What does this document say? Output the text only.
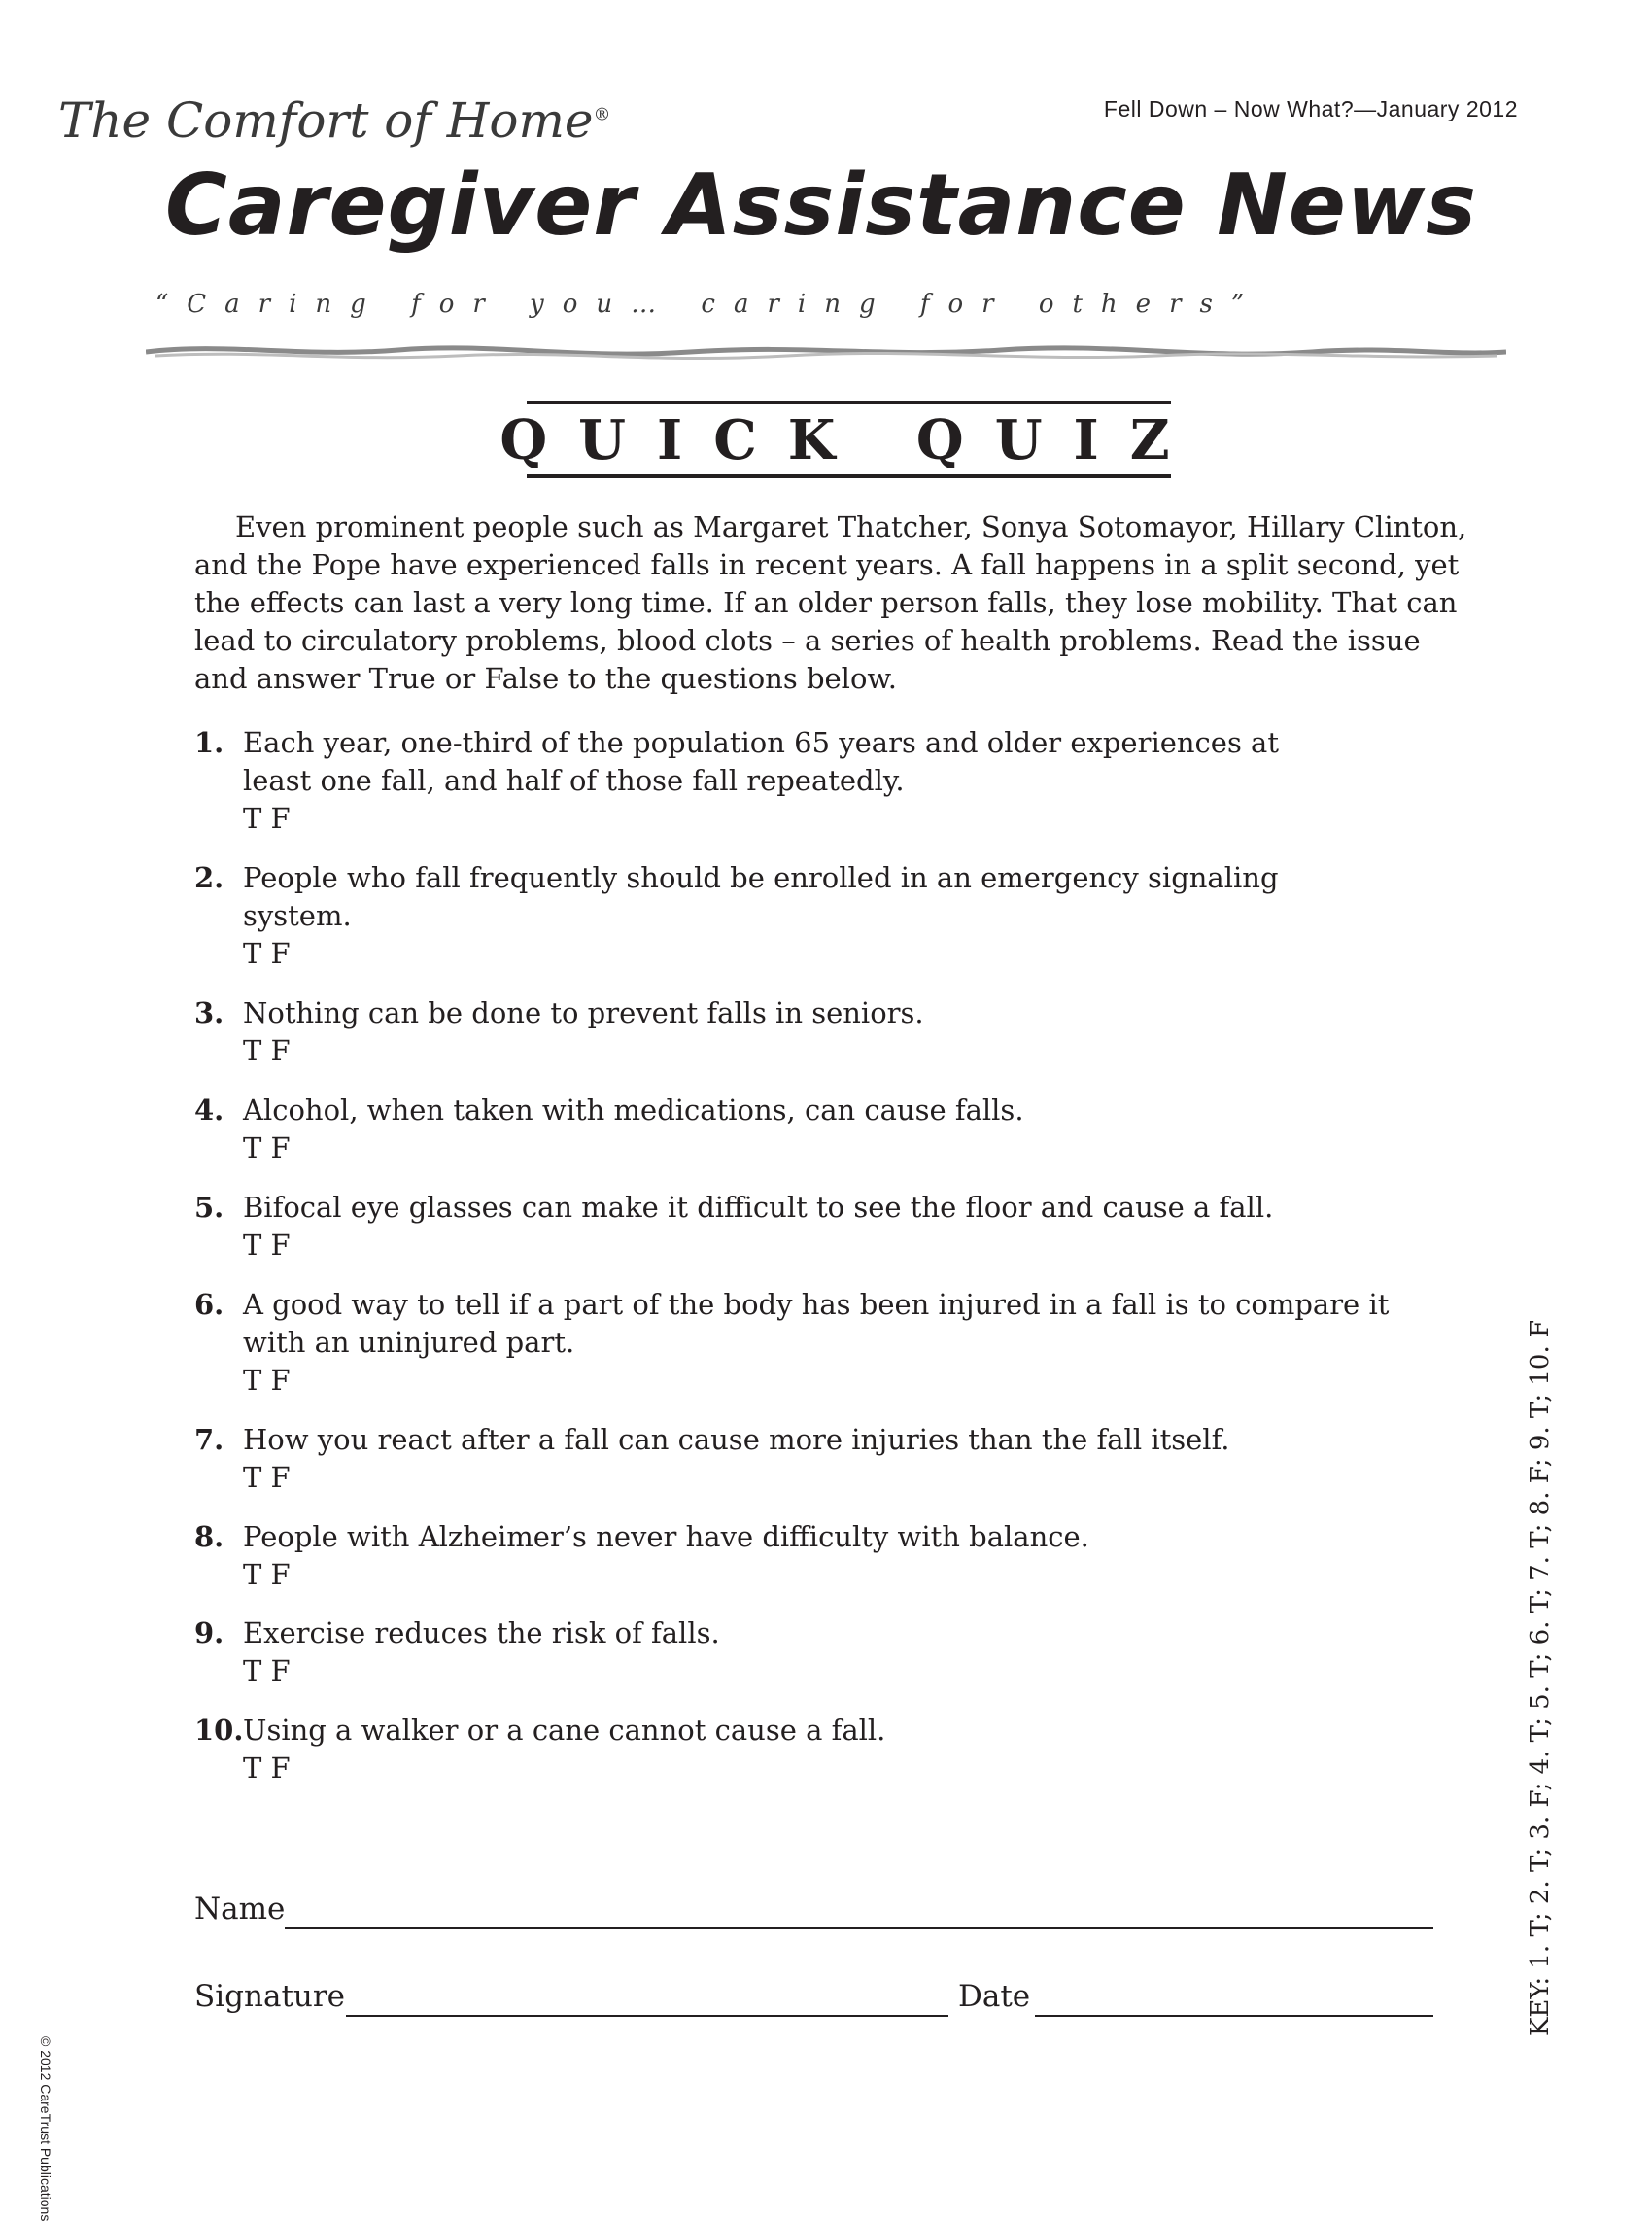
The Comfort of Home®	Fell Down – Now What?—January 2012
Caregiver Assistance News
“Caring for you… caring for others”
QUICK QUIZ
Even prominent people such as Margaret Thatcher, Sonya Sotomayor, Hillary Clinton, and the Pope have experienced falls in recent years. A fall happens in a split second, yet the effects can last a very long time. If an older person falls, they lose mobility. That can lead to circulatory problems, blood clots – a series of health problems. Read the issue and answer True or False to the questions below.
1. Each year, one-third of the population 65 years and older experiences at least one fall, and half of those fall repeatedly.
T F
2. People who fall frequently should be enrolled in an emergency signaling system.
T F
3. Nothing can be done to prevent falls in seniors.
T F
4. Alcohol, when taken with medications, can cause falls.
T F
5. Bifocal eye glasses can make it difficult to see the floor and cause a fall.
T F
6. A good way to tell if a part of the body has been injured in a fall is to compare it with an uninjured part.
T F
7. How you react after a fall can cause more injuries than the fall itself.
T F
8. People with Alzheimer’s never have difficulty with balance.
T F
9. Exercise reduces the risk of falls.
T F
10. Using a walker or a cane cannot cause a fall.
T F
Name
Signature	Date
© 2012 CareTrust Publications
KEY: 1. T; 2. T; 3. F; 4. T; 5. T; 6. T; 7. T; 8. F; 9. T; 10. F
